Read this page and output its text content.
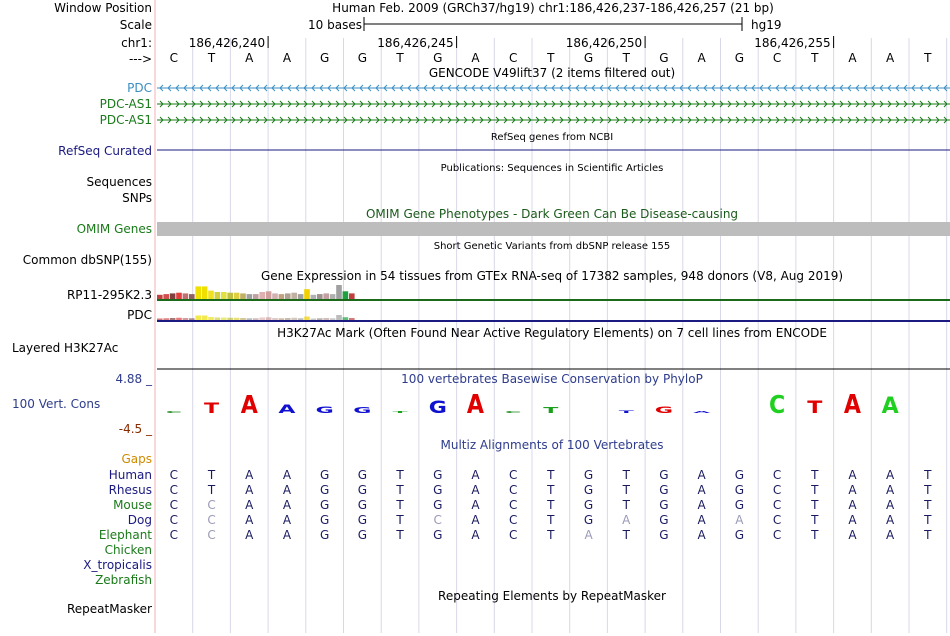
Window Position
Scale
chr1:
--->
Human Feb. 2009 (GRCh37/hg19) chr1:186,426,237-186,426,257 (21 bp)
10 bases	hg19
186,426,240	186,426,245	186,426,250	186,426,255
C T A A G G T G A C T G T G A G C T A A T
GENCODE V49lift37 (2 items filtered out)
PDC
PDC-AS1
PDC-AS1
RefSeq genes from NCBI
RefSeq Curated
Publications: Sequences in Scientific Articles
Sequences
SNPs
OMIM Gene Phenotypes - Dark Green Can Be Disease-causing
OMIM Genes
Short Genetic Variants from dbSNP release 155
Common dbSNP(155)
Gene Expression in 54 tissues from GTEx RNA-seq of 17382 samples, 948 donors (V8, Aug 2019)
RP11-295K2.3
PDC
H3K27Ac Mark (Often Found Near Active Regulatory Elements) on 7 cell lines from ENCODE
Layered H3K27Ac
100 vertebrates Basewise Conservation by PhyloP
4.88 _
100 Vert. Cons
-4.5 _
C T A A G G T G A C T	T G A	C T A A
Multiz Alignments of 100 Vertebrates
Gaps
Human C T A A G G T G A C T G T G A G C T A A T
Rhesus C T A A G G T G A C T G T G A G C T A A T
Mouse C C A A G G T G A C T G T G A G C T A A T
Dog C C A A G G T C A C T G A G A A C T A A T
Elephant C C A A G G T G A C T A T G A G C T A A T
Chicken
X_tropicalis
Zebrafish
Repeating Elements by RepeatMasker
RepeatMasker
